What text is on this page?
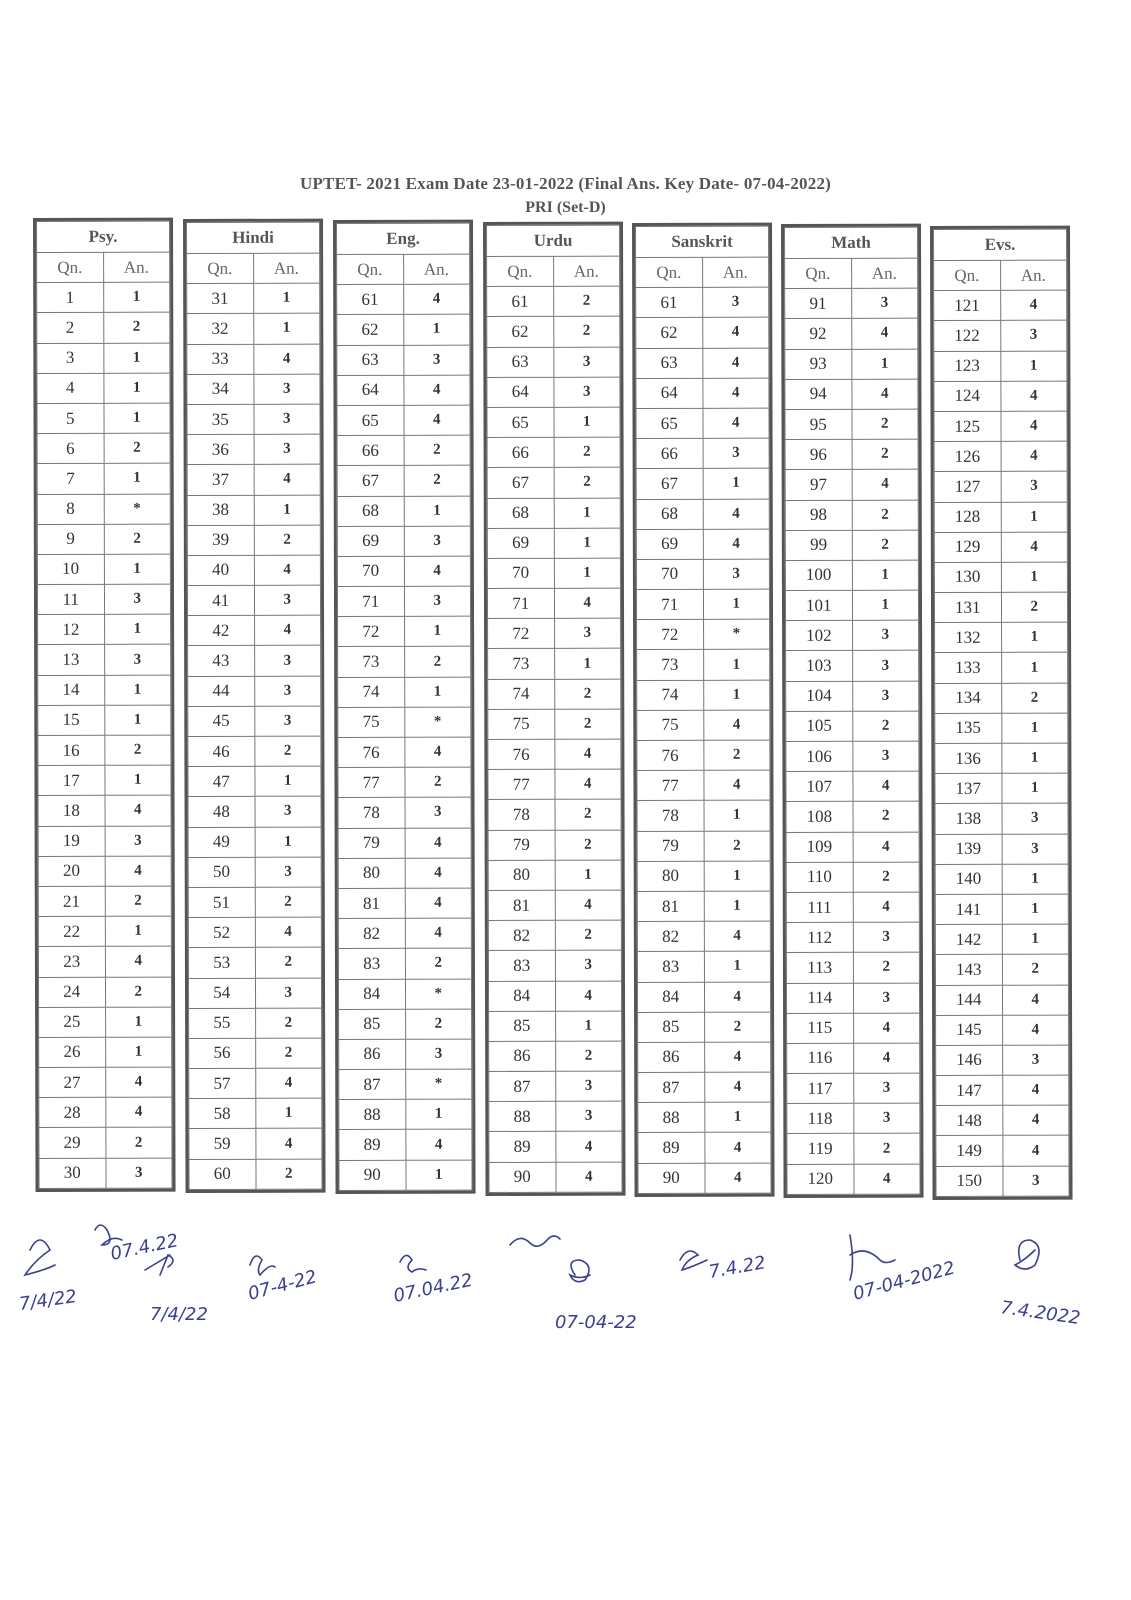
UPTET- 2021 Exam Date 23-01-2022 (Final Ans. Key Date- 07-04-2022)
PRI (Set-D)
Psy.	
Qn.	An.
1	1
2	2
3	1
4	1
5	1
6	2
7	1
8	*
9	2
10	1
11	3
12	1
13	3
14	1
15	1
16	2
17	1
18	4
19	3
20	4
21	2
22	1
23	4
24	2
25	1
26	1
27	4
28	4
29	2
30	3
Hindi	
Qn.	An.
31	1
32	1
33	4
34	3
35	3
36	3
37	4
38	1
39	2
40	4
41	3
42	4
43	3
44	3
45	3
46	2
47	1
48	3
49	1
50	3
51	2
52	4
53	2
54	3
55	2
56	2
57	4
58	1
59	4
60	2
Eng.	
Qn.	An.
61	4
62	1
63	3
64	4
65	4
66	2
67	2
68	1
69	3
70	4
71	3
72	1
73	2
74	1
75	*
76	4
77	2
78	3
79	4
80	4
81	4
82	4
83	2
84	*
85	2
86	3
87	*
88	1
89	4
90	1
Urdu	
Qn.	An.
61	2
62	2
63	3
64	3
65	1
66	2
67	2
68	1
69	1
70	1
71	4
72	3
73	1
74	2
75	2
76	4
77	4
78	2
79	2
80	1
81	4
82	2
83	3
84	4
85	1
86	2
87	3
88	3
89	4
90	4
Sanskrit	
Qn.	An.
61	3
62	4
63	4
64	4
65	4
66	3
67	1
68	4
69	4
70	3
71	1
72	*
73	1
74	1
75	4
76	2
77	4
78	1
79	2
80	1
81	1
82	4
83	1
84	4
85	2
86	4
87	4
88	1
89	4
90	4
Math	
Qn.	An.
91	3
92	4
93	1
94	4
95	2
96	2
97	4
98	2
99	2
100	1
101	1
102	3
103	3
104	3
105	2
106	3
107	4
108	2
109	4
110	2
111	4
112	3
113	2
114	3
115	4
116	4
117	3
118	3
119	2
120	4
Evs.	
Qn.	An.
121	4
122	3
123	1
124	4
125	4
126	4
127	3
128	1
129	4
130	1
131	2
132	1
133	1
134	2
135	1
136	1
137	1
138	3
139	3
140	1
141	1
142	1
143	2
144	4
145	4
146	3
147	4
148	4
149	4
150	3
7/4/22
07.4.22
7/4/22
07-4-22	07.04.22
07-04-22
7.4.22	07-04-2022
7.4.2022
